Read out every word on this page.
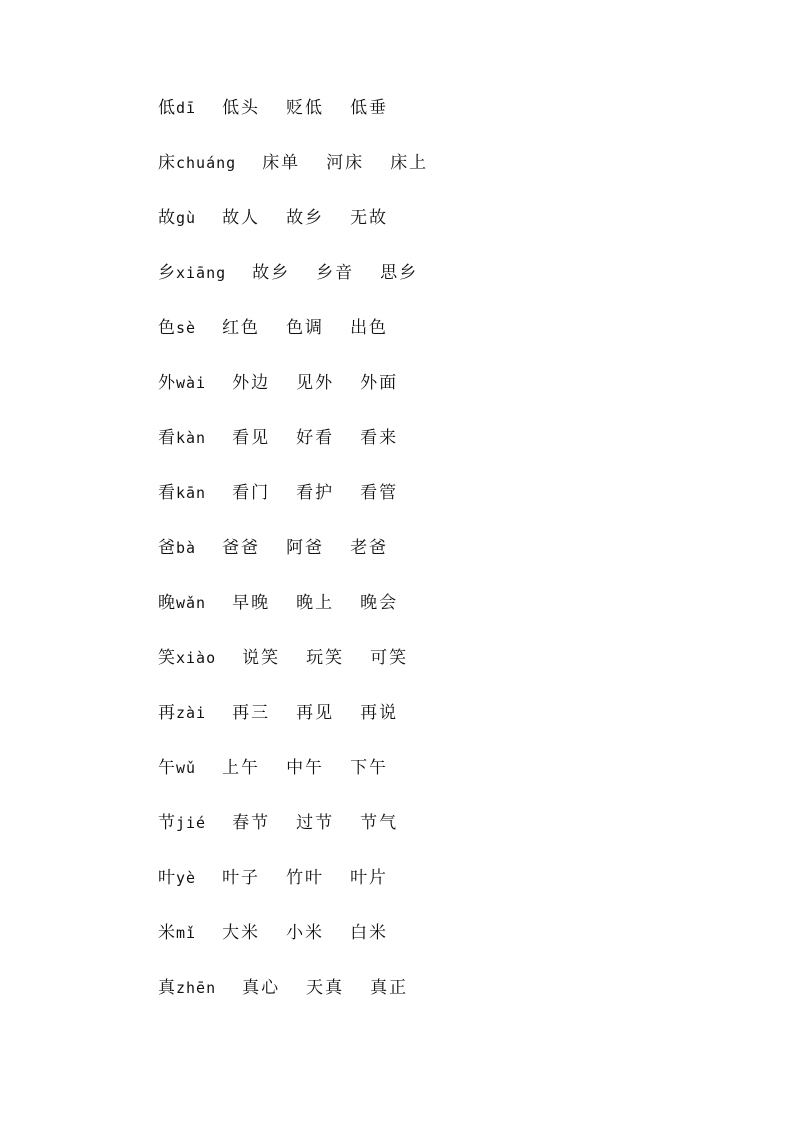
低 dī 低头 贬低 低垂
床 chuáng 床单 河床 床上
故 gù 故人 故乡 无故
乡 xiāng 故乡 乡音 思乡
色 sè 红色 色调 出色
外 wài 外边 见外 外面
看 kàn 看见 好看 看来
看 kān 看门 看护 看管
爸 bà 爸爸 阿爸 老爸
晚 wǎn 早晚 晚上 晚会
笑 xiào 说笑 玩笑 可笑
再 zài 再三 再见 再说
午 wǔ 上午 中午 下午
节 jié 春节 过节 节气
叶 yè 叶子 竹叶 叶片
米 mǐ 大米 小米 白米
真 zhēn 真心 天真 真正
